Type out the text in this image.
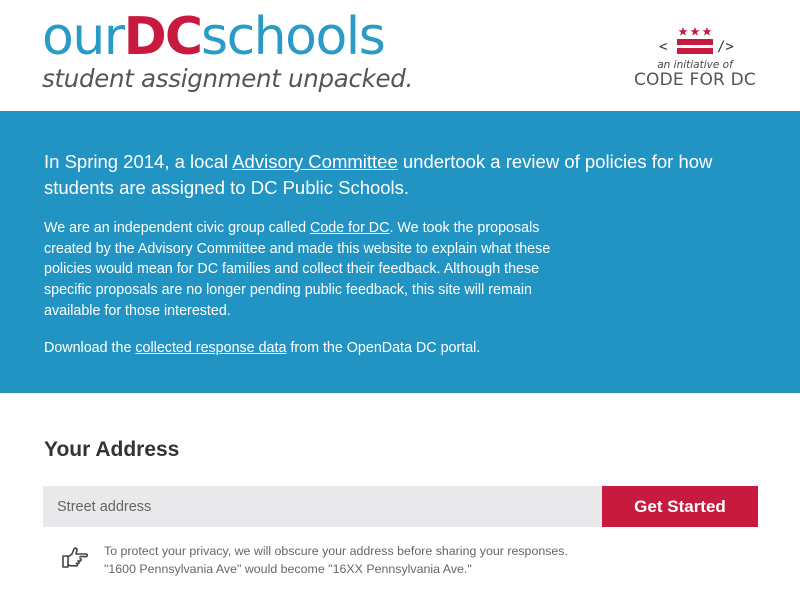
ourDCschools
student assignment unpacked.
<	/>
an initiative of
CODE FOR DC

In Spring 2014, a local Advisory Committee undertook a review of policies for how students are assigned to DC Public Schools.

We are an independent civic group called Code for DC. We took the proposals created by the Advisory Committee and made this website to explain what these policies would mean for DC families and collect their feedback. Although these specific proposals are no longer pending public feedback, this site will remain available for those interested.

Download the collected response data from the OpenData DC portal.

Your Address
Street address
Get Started
To protect your privacy, we will obscure your address before sharing your responses.
"1600 Pennsylvania Ave" would become "16XX Pennsylvania Ave."
